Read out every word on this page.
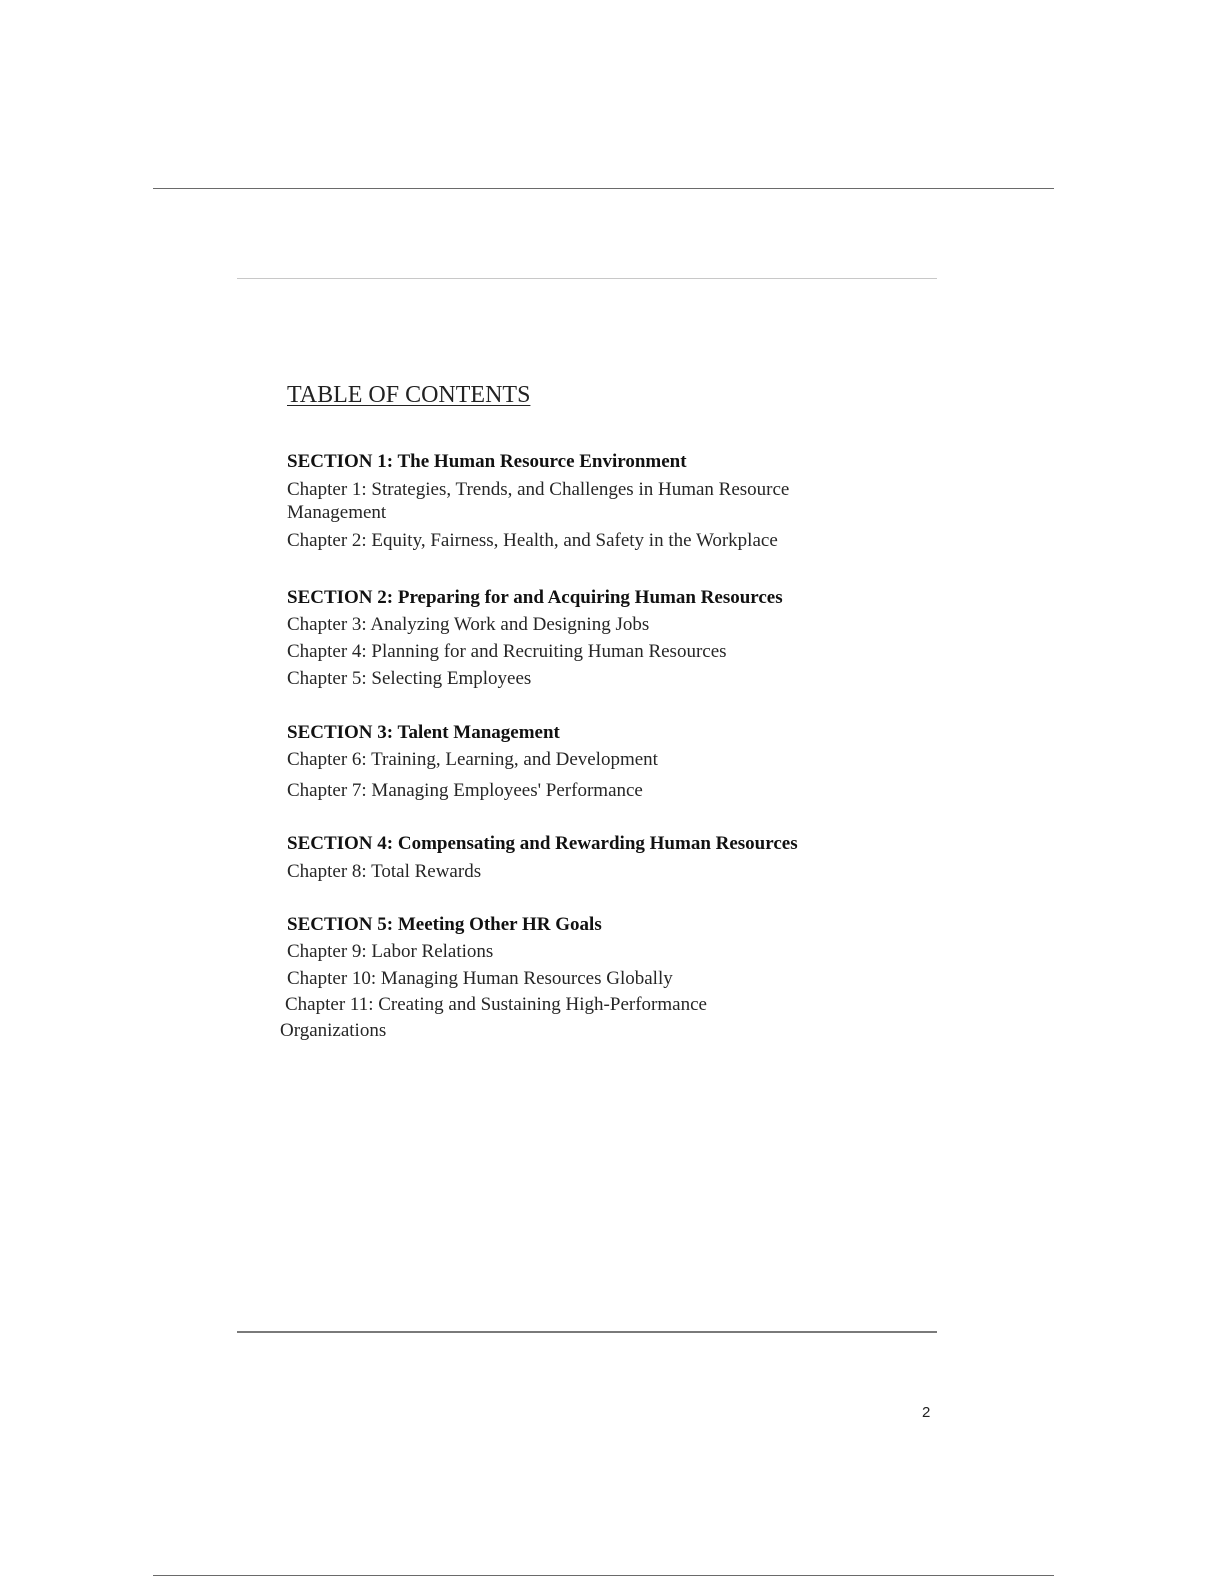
TABLE OF CONTENTS
SECTION 1: The Human Resource Environment
Chapter 1: Strategies, Trends, and Challenges in Human Resource
Management
Chapter 2: Equity, Fairness, Health, and Safety in the Workplace
SECTION 2: Preparing for and Acquiring Human Resources
Chapter 3: Analyzing Work and Designing Jobs
Chapter 4: Planning for and Recruiting Human Resources
Chapter 5: Selecting Employees
SECTION 3: Talent Management
Chapter 6: Training, Learning, and Development
Chapter 7: Managing Employees' Performance
SECTION 4: Compensating and Rewarding Human Resources
Chapter 8: Total Rewards
SECTION 5: Meeting Other HR Goals
Chapter 9: Labor Relations
Chapter 10: Managing Human Resources Globally
Chapter 11: Creating and Sustaining High-Performance
Organizations
2
